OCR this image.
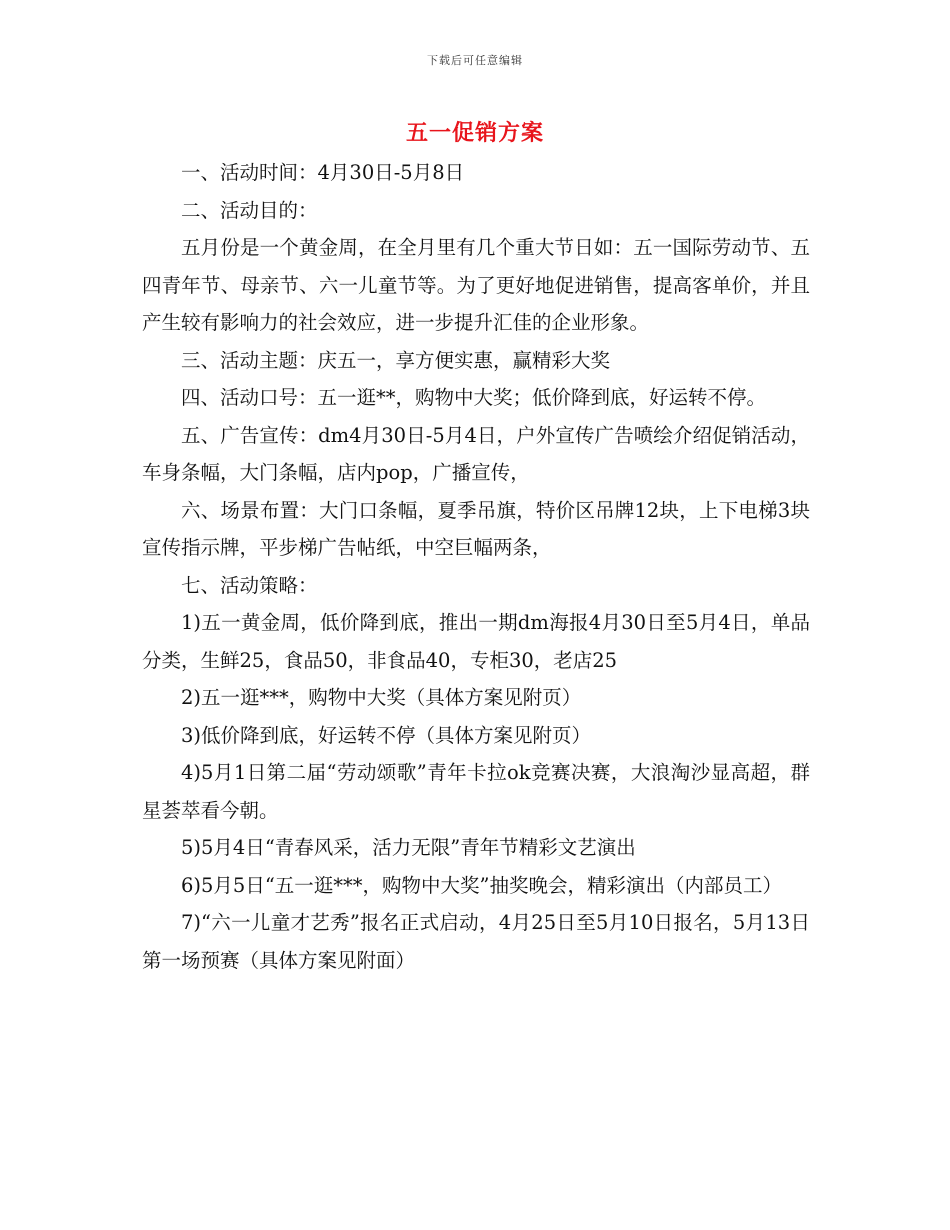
下载后可任意编辑
五一促销方案

一、活动时间：4月30日-5月8日

二、活动目的：

五月份是一个黄金周，在全月里有几个重大节日如：五一国际劳动节、五四青年节、母亲节、六一儿童节等。为了更好地促进销售，提高客单价，并且产生较有影响力的社会效应，进一步提升汇佳的企业形象。

三、活动主题：庆五一，享方便实惠，赢精彩大奖

四、活动口号：五一逛**，购物中大奖；低价降到底，好运转不停。

五、广告宣传：dm4月30日-5月4日，户外宣传广告喷绘介绍促销活动，车身条幅，大门条幅，店内pop，广播宣传，

六、场景布置：大门口条幅，夏季吊旗，特价区吊牌12块，上下电梯3块宣传指示牌，平步梯广告帖纸，中空巨幅两条，

七、活动策略：

1)五一黄金周，低价降到底，推出一期dm海报4月30日至5月4日，单品分类，生鲜25，食品50，非食品40，专柜30，老店25

2)五一逛***，购物中大奖（具体方案见附页）

3)低价降到底，好运转不停（具体方案见附页）

4)5月1日第二届“劳动颂歌”青年卡拉ok竞赛决赛，大浪淘沙显高超，群星荟萃看今朝。

5)5月4日“青春风采，活力无限”青年节精彩文艺演出

6)5月5日“五一逛***，购物中大奖”抽奖晚会，精彩演出（内部员工）

7)“六一儿童才艺秀”报名正式启动，4月25日至5月10日报名，5月13日第一场预赛（具体方案见附面）
